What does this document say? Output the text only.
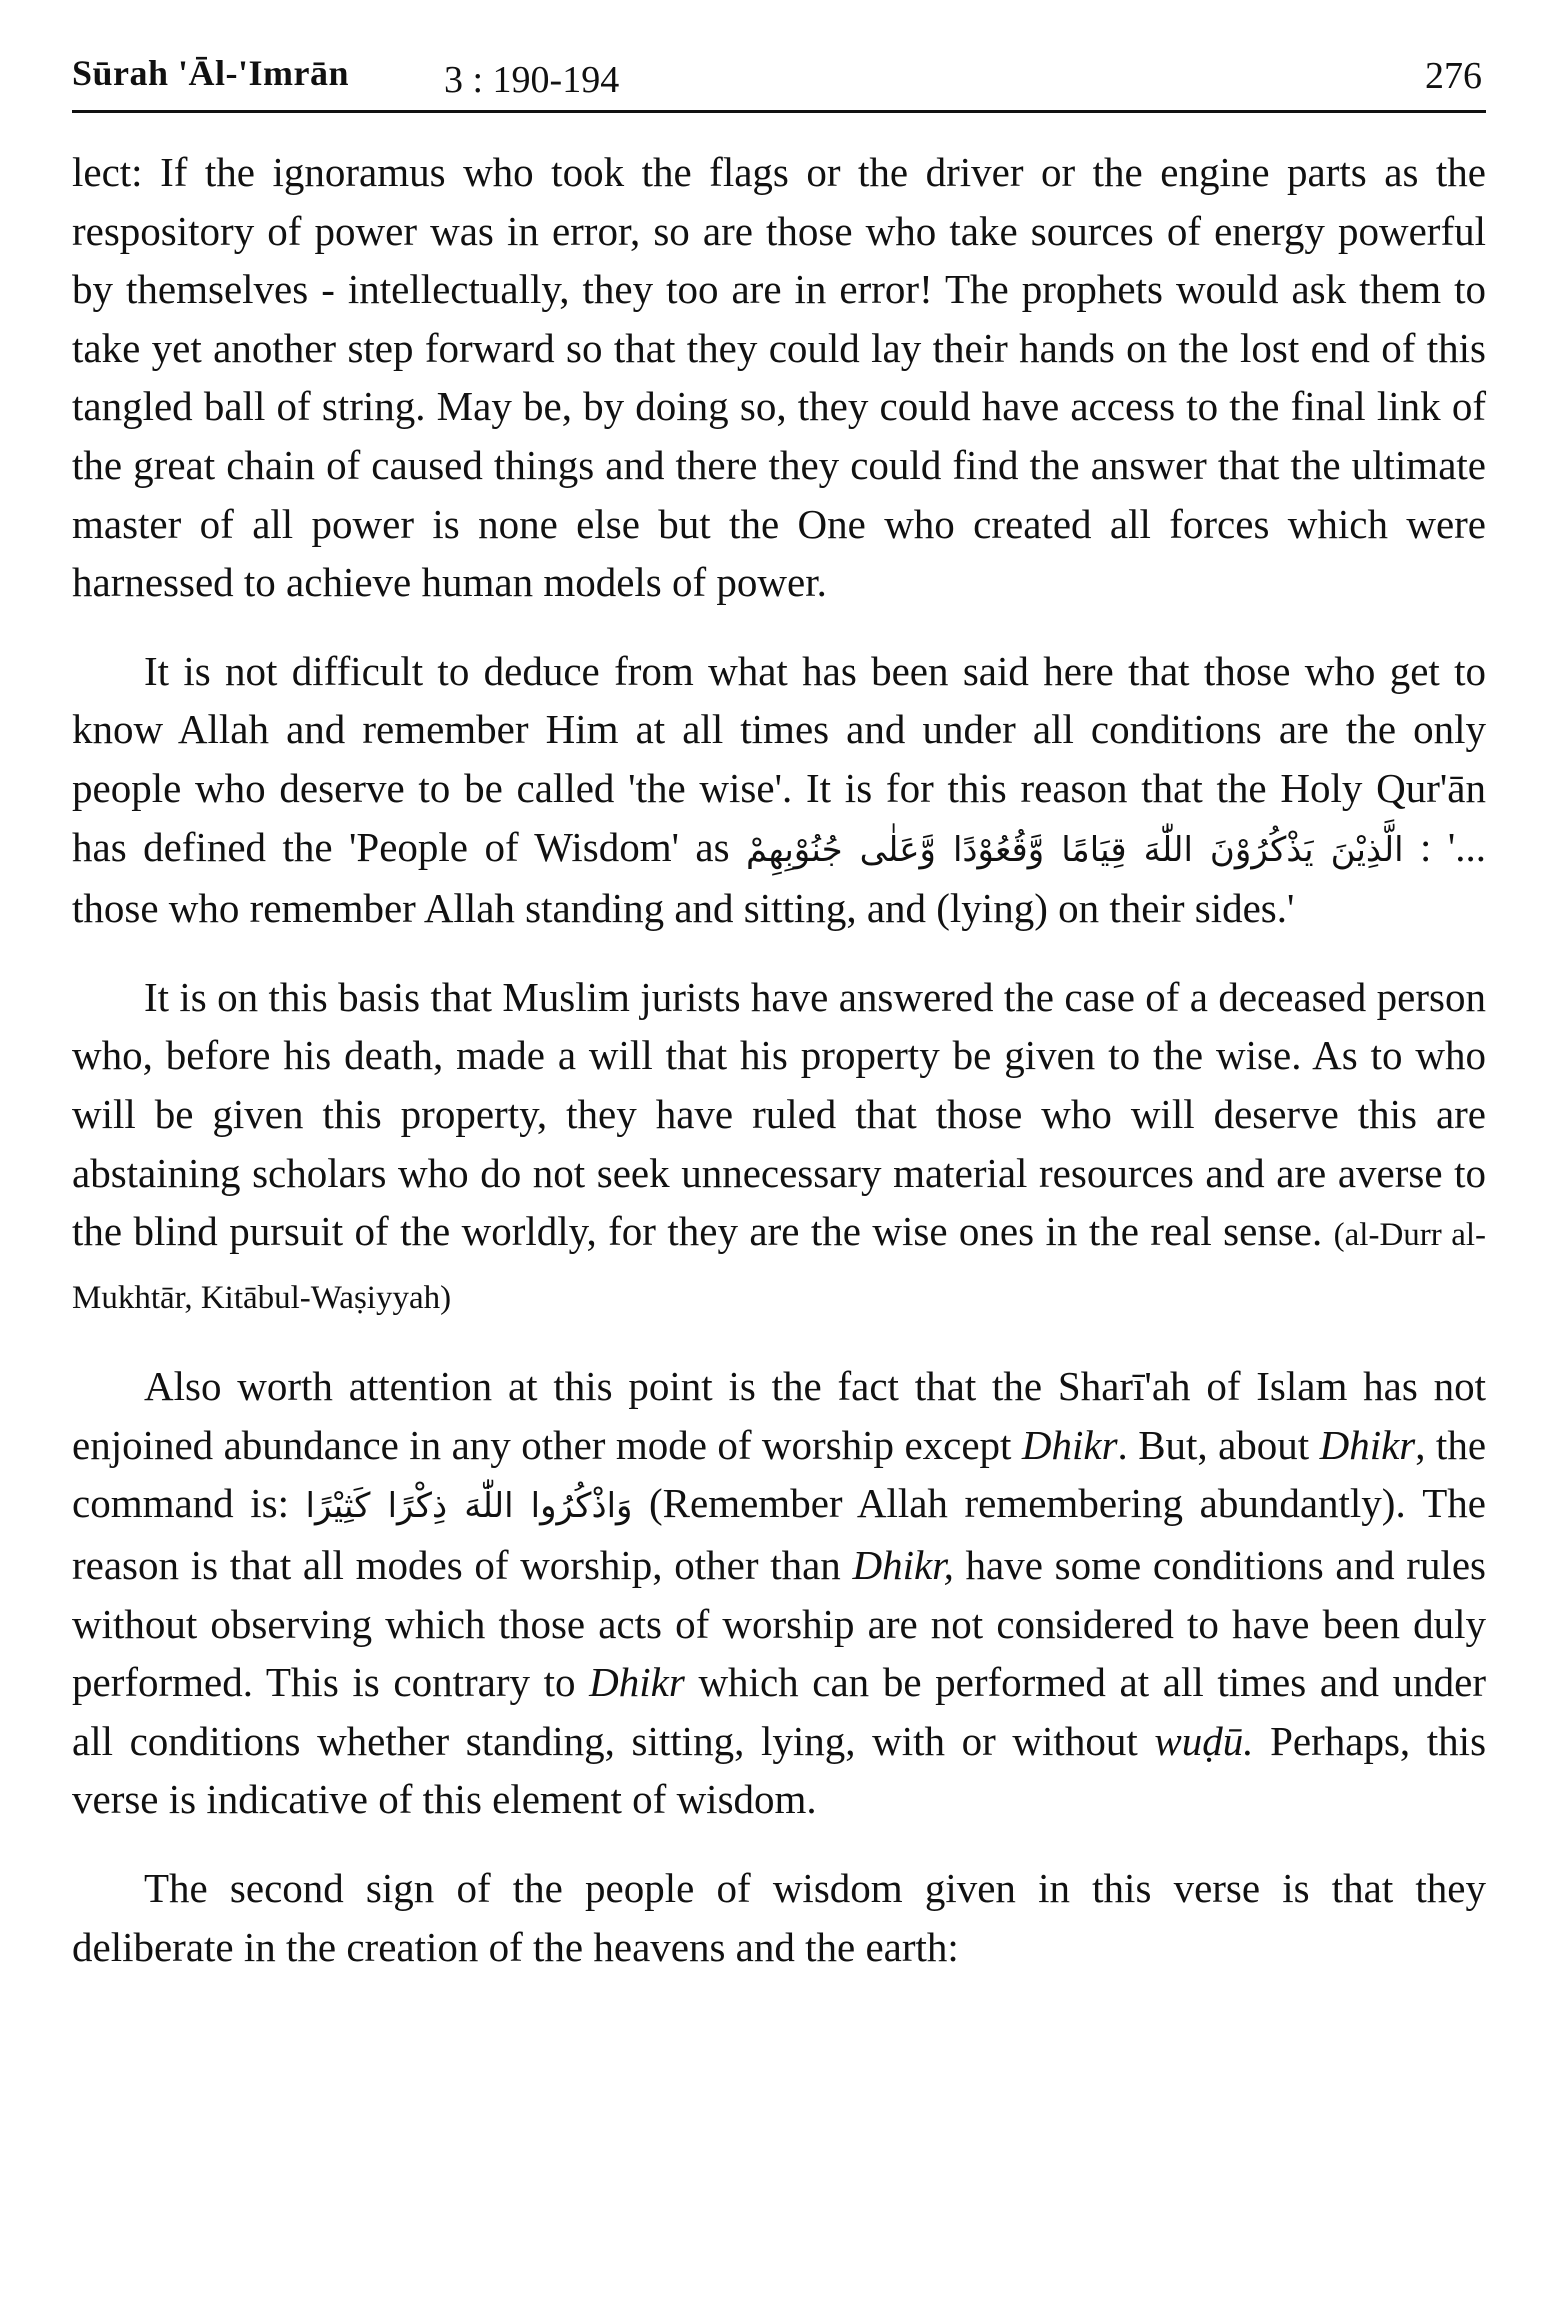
Sūrah 'Āl-'Imrān 3 : 190-194	276

lect: If the ignoramus who took the flags or the driver or the engine parts as the respository of power was in error, so are those who take sources of energy powerful by themselves - intellectually, they too are in error! The prophets would ask them to take yet another step forward so that they could lay their hands on the lost end of this tangled ball of string. May be, by doing so, they could have access to the final link of the great chain of caused things and there they could find the answer that the ultimate master of all power is none else but the One who created all forces which were harnessed to achieve human models of power.

It is not difficult to deduce from what has been said here that those who get to know Allah and remember Him at all times and under all conditions are the only people who deserve to be called 'the wise'. It is for this reason that the Holy Qur'ān has defined the 'People of Wisdom' as الَّذِيْنَ يَذْكُرُوْنَ اللّٰهَ قِيَامًا وَّقُعُوْدًا وَّعَلٰى جُنُوْبِهِمْ : '... those who remember Allah standing and sitting, and (lying) on their sides.'

It is on this basis that Muslim jurists have answered the case of a deceased person who, before his death, made a will that his property be given to the wise. As to who will be given this property, they have ruled that those who will deserve this are abstaining scholars who do not seek unnecessary material resources and are averse to the blind pursuit of the worldly, for they are the wise ones in the real sense. (al-Durr al-Mukhtār, Kitābul-Waṣiyyah)

Also worth attention at this point is the fact that the Sharī'ah of Islam has not enjoined abundance in any other mode of worship except Dhikr. But, about Dhikr, the command is: وَاذْكُرُوا اللّٰهَ ذِكْرًا كَثِيْرًا (Remember Allah remembering abundantly). The reason is that all modes of worship, other than Dhikr, have some conditions and rules without observing which those acts of worship are not considered to have been duly performed. This is contrary to Dhikr which can be performed at all times and under all conditions whether standing, sitting, lying, with or without wuḍū. Perhaps, this verse is indicative of this element of wisdom.

The second sign of the people of wisdom given in this verse is that they deliberate in the creation of the heavens and the earth:
